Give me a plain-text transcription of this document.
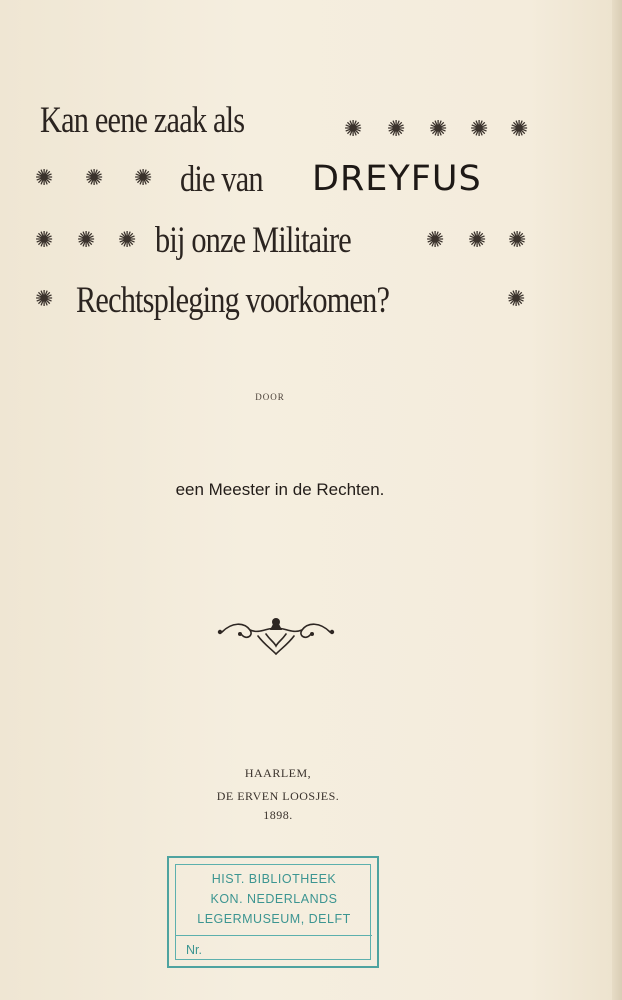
Kan eene zaak als	✺ ✺ ✺ ✺ ✺
✺ ✺ ✺ die van DREYFUS
✺ ✺ ✺ bij onze Militaire	✺ ✺ ✺
✺ Rechtspleging voorkomen?	✺
DOOR
een Meester in de Rechten.
HAARLEM,
DE ERVEN LOOSJES.
1898.
HIST. BIBLIOTHEEK
KON. NEDERLANDS
LEGERMUSEUM, DELFT
Nr.
